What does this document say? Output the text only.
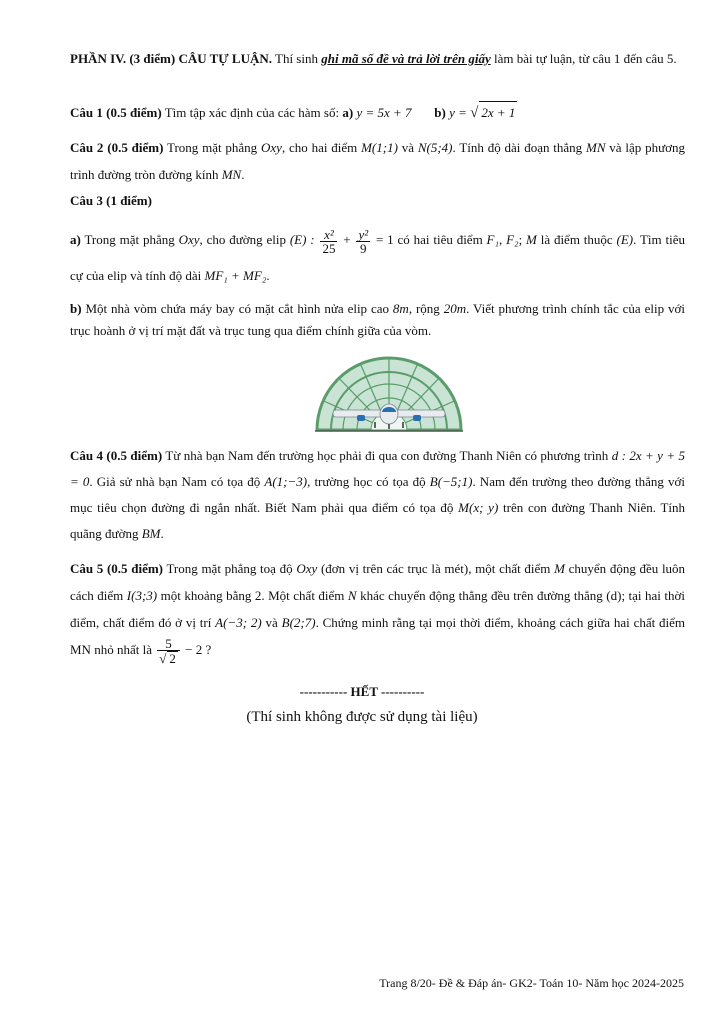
PHẦN IV. (3 điểm) CÂU TỰ LUẬN. Thí sinh ghi mã số đề và trả lời trên giấy làm bài tự luận, từ câu 1 đến câu 5.

Câu 1 (0.5 điểm) Tìm tập xác định của các hàm số: a) y = 5x + 7 b) y = √ 2x + 1

Câu 2 (0.5 điểm) Trong mặt phẳng Oxy, cho hai điểm M(1;1) và N(5;4). Tính độ dài đoạn thẳng MN và lập phương trình đường tròn đường kính MN.

Câu 3 (1 điểm)

a) Trong mặt phẳng Oxy, cho đường elip (E) : $\frac{\text{x²}}{25} + \frac{\text{y²}}{9} = 1$ có hai tiêu điểm F₁, F₂; M là điểm thuộc (E). Tìm tiêu cự của elip và tính độ dài MF₁ + MF₂.

b) Một nhà vòm chứa máy bay có mặt cắt hình nửa elip cao 8m, rộng 20m. Viết phương trình chính tắc của elip với trục hoành ở vị trí mặt đất và trục tung qua điểm chính giữa của vòm.

Câu 4 (0.5 điểm) Từ nhà bạn Nam đến trường học phải đi qua con đường Thanh Niên có phương trình d : 2x + y + 5 = 0. Giả sử nhà bạn Nam có tọa độ A(1;−3), trường học có tọa độ B(−5;1). Nam đến trường theo đường thẳng với mục tiêu chọn đường đi ngắn nhất. Biết Nam phải qua điểm có tọa độ M(x; y) trên con đường Thanh Niên. Tính quãng đường BM.

Câu 5 (0.5 điểm) Trong mặt phẳng toạ độ Oxy (đơn vị trên các trục là mét), một chất điểm M chuyển động đều luôn cách điểm I(3;3) một khoảng bằng 2. Một chất điểm N khác chuyển động thẳng đều trên đường thẳng (d); tại hai thời điểm, chất điểm đó ở vị trí A(−3; 2) và B(2;7). Chứng minh rằng tại mọi thời điểm, khoảng cách giữa hai chất điểm MN nhỏ nhất là $\frac{5}{√ 2} - 2$ ?

----------- HẾT ----------
(Thí sinh không được sử dụng tài liệu)
Trang 8/20- Đề & Đáp án- GK2- Toán 10- Năm học 2024-2025
